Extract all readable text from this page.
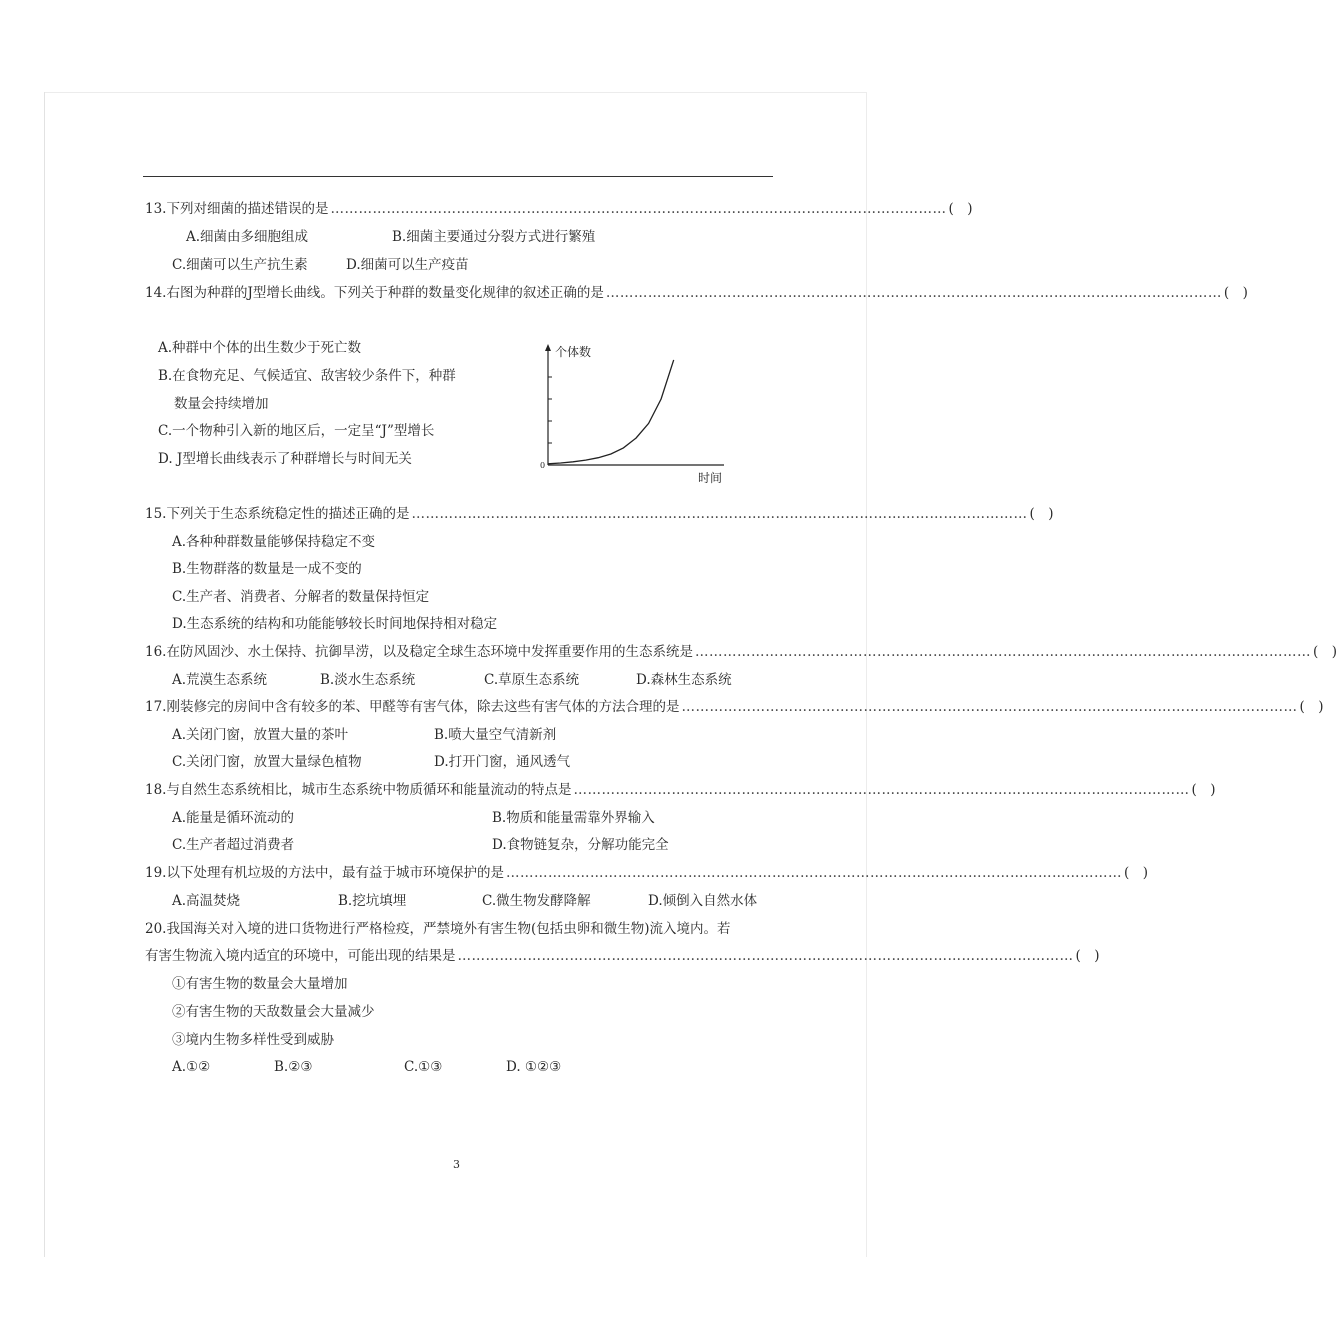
13.下列对细菌的描述错误的是 …………………………………………………………………………………………………………………… (　)
A.细菌由多细胞组成	B.细菌主要通过分裂方式进行繁殖
C.细菌可以生产抗生素	D.细菌可以生产疫苗
14.右图为种群的J型增长曲线。下列关于种群的数量变化规律的叙述正确的是 …………………………………………………………………………………………………………………… (　)
A.种群中个体的出生数少于死亡数
B.在食物充足、气候适宜、敌害较少条件下，种群
数量会持续增加
C.一个物种引入新的地区后，一定呈“J”型增长
D. J型增长曲线表示了种群增长与时间无关
个体数
时间
0
15.下列关于生态系统稳定性的描述正确的是 …………………………………………………………………………………………………………………… (　)
A.各种种群数量能够保持稳定不变
B.生物群落的数量是一成不变的
C.生产者、消费者、分解者的数量保持恒定
D.生态系统的结构和功能能够较长时间地保持相对稳定
16.在防风固沙、水土保持、抗御旱涝，以及稳定全球生态环境中发挥重要作用的生态系统是 …………………………………………………………………………………………………………………… (　)
A.荒漠生态系统	B.淡水生态系统	C.草原生态系统	D.森林生态系统
17.刚装修完的房间中含有较多的苯、甲醛等有害气体，除去这些有害气体的方法合理的是 …………………………………………………………………………………………………………………… (　)
A.关闭门窗，放置大量的茶叶	B.喷大量空气清新剂
C.关闭门窗，放置大量绿色植物	D.打开门窗，通风透气
18.与自然生态系统相比，城市生态系统中物质循环和能量流动的特点是 …………………………………………………………………………………………………………………… (　)
A.能量是循环流动的	B.物质和能量需靠外界输入
C.生产者超过消费者	D.食物链复杂，分解功能完全
19.以下处理有机垃圾的方法中，最有益于城市环境保护的是 …………………………………………………………………………………………………………………… (　)
A.高温焚烧	B.挖坑填埋	C.微生物发酵降解	D.倾倒入自然水体
20.我国海关对入境的进口货物进行严格检疫，严禁境外有害生物(包括虫卵和微生物)流入境内。若
有害生物流入境内适宜的环境中，可能出现的结果是 …………………………………………………………………………………………………………………… (　)
①有害生物的数量会大量增加
②有害生物的天敌数量会大量减少
③境内生物多样性受到威胁
A.①②	B.②③	C.①③	D. ①②③
3
